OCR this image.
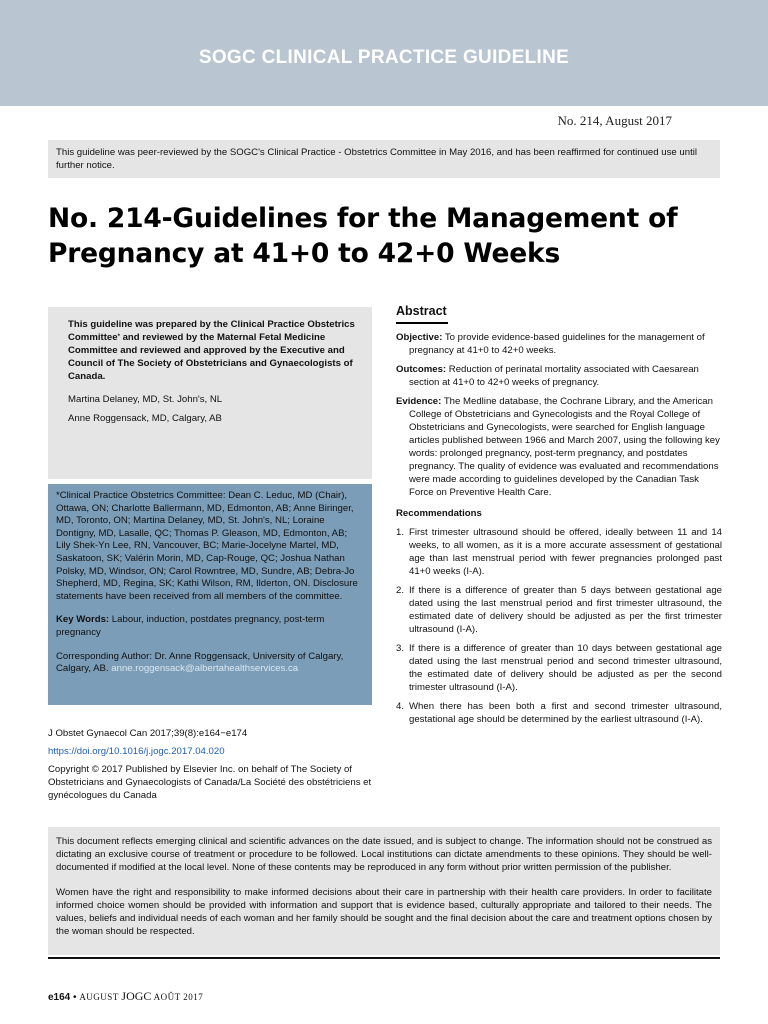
SOGC CLINICAL PRACTICE GUIDELINE
No. 214, August 2017
This guideline was peer-reviewed by the SOGC's Clinical Practice - Obstetrics Committee in May 2016, and has been reaffirmed for continued use until further notice.
No. 214-Guidelines for the Management of
Pregnancy at 41+0 to 42+0 Weeks

This guideline was prepared by the Clinical Practice Obstetrics Committee* and reviewed by the Maternal Fetal Medicine Committee and reviewed and approved by the Executive and Council of The Society of Obstetricians and Gynaecologists of Canada.

Martina Delaney, MD, St. John's, NL

Anne Roggensack, MD, Calgary, AB

*Clinical Practice Obstetrics Committee: Dean C. Leduc, MD (Chair), Ottawa, ON; Charlotte Ballermann, MD, Edmonton, AB; Anne Biringer, MD, Toronto, ON; Martina Delaney, MD, St. John's, NL; Loraine Dontigny, MD, Lasalle, QC; Thomas P. Gleason, MD, Edmonton, AB; Lily Shek-Yn Lee, RN, Vancouver, BC; Marie-Jocelyne Martel, MD, Saskatoon, SK; Valérin Morin, MD, Cap-Rouge, QC; Joshua Nathan Polsky, MD, Windsor, ON; Carol Rowntree, MD, Sundre, AB; Debra-Jo Shepherd, MD, Regina, SK; Kathi Wilson, RM, Ilderton, ON. Disclosure statements have been received from all members of the committee.

Key Words: Labour, induction, postdates pregnancy, post-term pregnancy

Corresponding Author: Dr. Anne Roggensack, University of Calgary, Calgary, AB. anne.roggensack@albertahealthservices.ca

J Obstet Gynaecol Can 2017;39(8):e164−e174

https://doi.org/10.1016/j.jogc.2017.04.020

Copyright © 2017 Published by Elsevier Inc. on behalf of The Society of Obstetricians and Gynaecologists of Canada/La Société des obstétriciens et gynécologues du Canada

Abstract

Objective: To provide evidence-based guidelines for the management of pregnancy at 41+0 to 42+0 weeks.

Outcomes: Reduction of perinatal mortality associated with Caesarean section at 41+0 to 42+0 weeks of pregnancy.

Evidence: The Medline database, the Cochrane Library, and the American College of Obstetricians and Gynecologists and the Royal College of Obstetricians and Gynecologists, were searched for English language articles published between 1966 and March 2007, using the following key words: prolonged pregnancy, post-term pregnancy, and postdates pregnancy. The quality of evidence was evaluated and recommendations were made according to guidelines developed by the Canadian Task Force on Preventive Health Care.

Recommendations

1. First trimester ultrasound should be offered, ideally between 11 and 14 weeks, to all women, as it is a more accurate assessment of gestational age than last menstrual period with fewer pregnancies prolonged past 41+0 weeks (I-A).
2. If there is a difference of greater than 5 days between gestational age dated using the last menstrual period and first trimester ultrasound, the estimated date of delivery should be adjusted as per the first trimester ultrasound (I-A).
3. If there is a difference of greater than 10 days between gestational age dated using the last menstrual period and second trimester ultrasound, the estimated date of delivery should be adjusted as per the second trimester ultrasound (I-A).
4. When there has been both a first and second trimester ultrasound, gestational age should be determined by the earliest ultrasound (I-A).

This document reflects emerging clinical and scientific advances on the date issued, and is subject to change. The information should not be construed as dictating an exclusive course of treatment or procedure to be followed. Local institutions can dictate amendments to these opinions. They should be well-documented if modified at the local level. None of these contents may be reproduced in any form without prior written permission of the publisher.

Women have the right and responsibility to make informed decisions about their care in partnership with their health care providers. In order to facilitate informed choice women should be provided with information and support that is evidence based, culturally appropriate and tailored to their needs. The values, beliefs and individual needs of each woman and her family should be sought and the final decision about the care and treatment options chosen by the woman should be respected.

e164 • AUGUST JOGC AOÛT 2017
